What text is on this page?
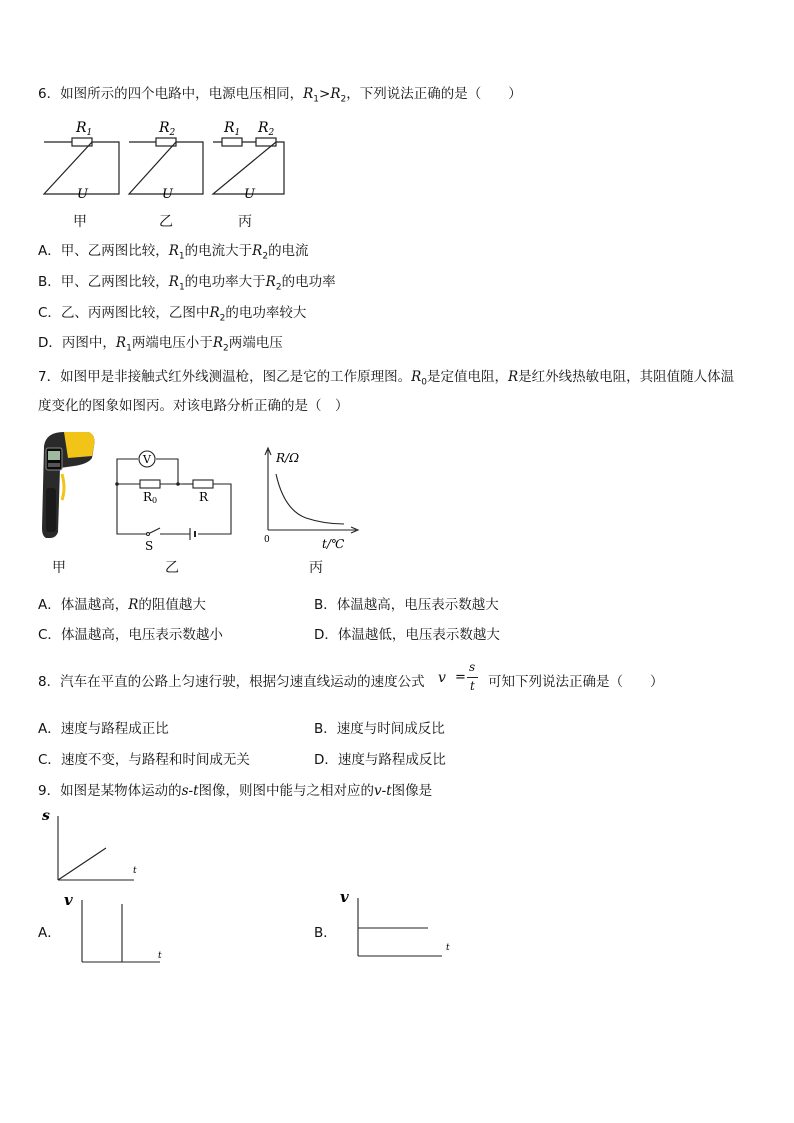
6．如图所示的四个电路中，电源电压相同，$R_1>R_2$，下列说法正确的是（　　）
$R_1$
U
$R_2$
U
$R_1$ $R_2$
U
甲	乙	丙
A．甲、乙两图比较，$R_1$的电流大于$R_2$的电流
B．甲、乙两图比较，$R_1$的电功率大于$R_2$的电功率
C．乙、丙两图比较，乙图中$R_2$的电功率较大
D．丙图中，$R_1$两端电压小于$R_2$两端电压
7．如图甲是非接触式红外线测温枪，图乙是它的工作原理图。$R_0$是定值电阻，R是红外线热敏电阻，其阻值随人体温
度变化的图象如图丙。对该电路分析正确的是（　）
V
R0	R
S
R/Ω
0	t/℃
甲	乙	丙
A．体温越高，R的阻值越大	B．体温越高，电压表示数越大
C．体温越高，电压表示数越小	D．体温越低，电压表示数越大
8．汽车在平直的公路上匀速行驶，根据匀速直线运动的速度公式 v =
s
t 可知下列说法正确是（　　）
A．速度与路程成正比	B．速度与时间成反比
C．速度不变，与路程和时间成无关	D．速度与路程成反比
9．如图是某物体运动的s-t图像，则图中能与之相对应的v-t图像是
s
t
A．
v
t
B．
v
t
